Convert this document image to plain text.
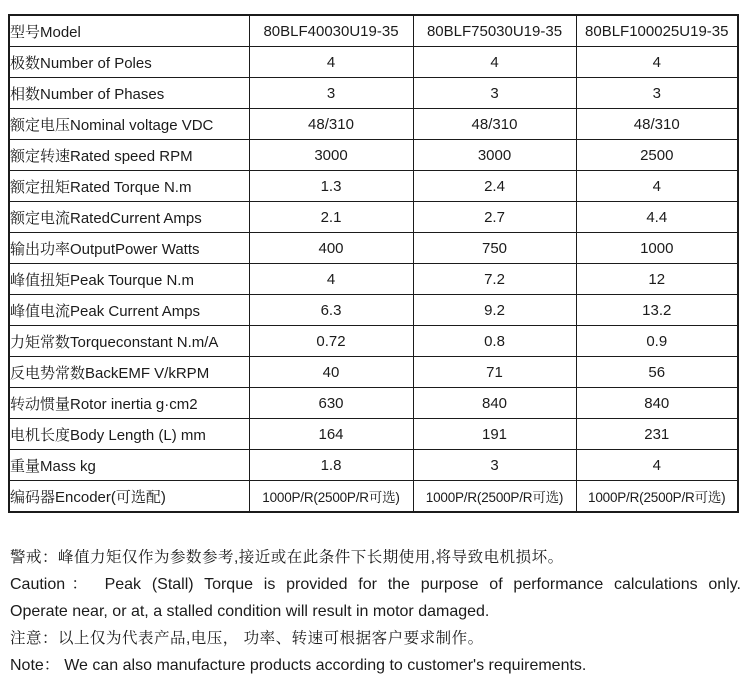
型号Model	80BLF40030U19-35	80BLF75030U19-35	80BLF100025U19-35
极数Number of Poles	4	4	4
相数Number of Phases	3	3	3
额定电压Nominal voltage VDC	48/310	48/310	48/310
额定转速Rated speed RPM	3000	3000	2500
额定扭矩Rated Torque N.m	1.3	2.4	4
额定电流RatedCurrent Amps	2.1	2.7	4.4
输出功率OutputPower Watts	400	750	1000
峰值扭矩Peak Tourque N.m	4	7.2	12
峰值电流Peak Current Amps	6.3	9.2	13.2
力矩常数Torqueconstant N.m/A	0.72	0.8	0.9
反电势常数BackEMF V/kRPM	40	71	56
转动惯量Rotor inertia g·cm2	630	840	840
电机长度Body Length (L) mm	164	191	231
重量Mass kg	1.8	3	4
编码器Encoder(可选配)	1000P/R(2500P/R可选)	1000P/R(2500P/R可选)	1000P/R(2500P/R可选)
警戒：峰值力矩仅作为参数参考,接近或在此条件下长期使用,将导致电机损坏。
Caution： Peak (Stall) Torque is provided for the purpose of performance calculations only.
Operate near, or at, a stalled condition will result in motor damaged.
注意：以上仅为代表产品,电压， 功率、转速可根据客户要求制作。
Note： We can also manufacture products according to customer's requirements.
